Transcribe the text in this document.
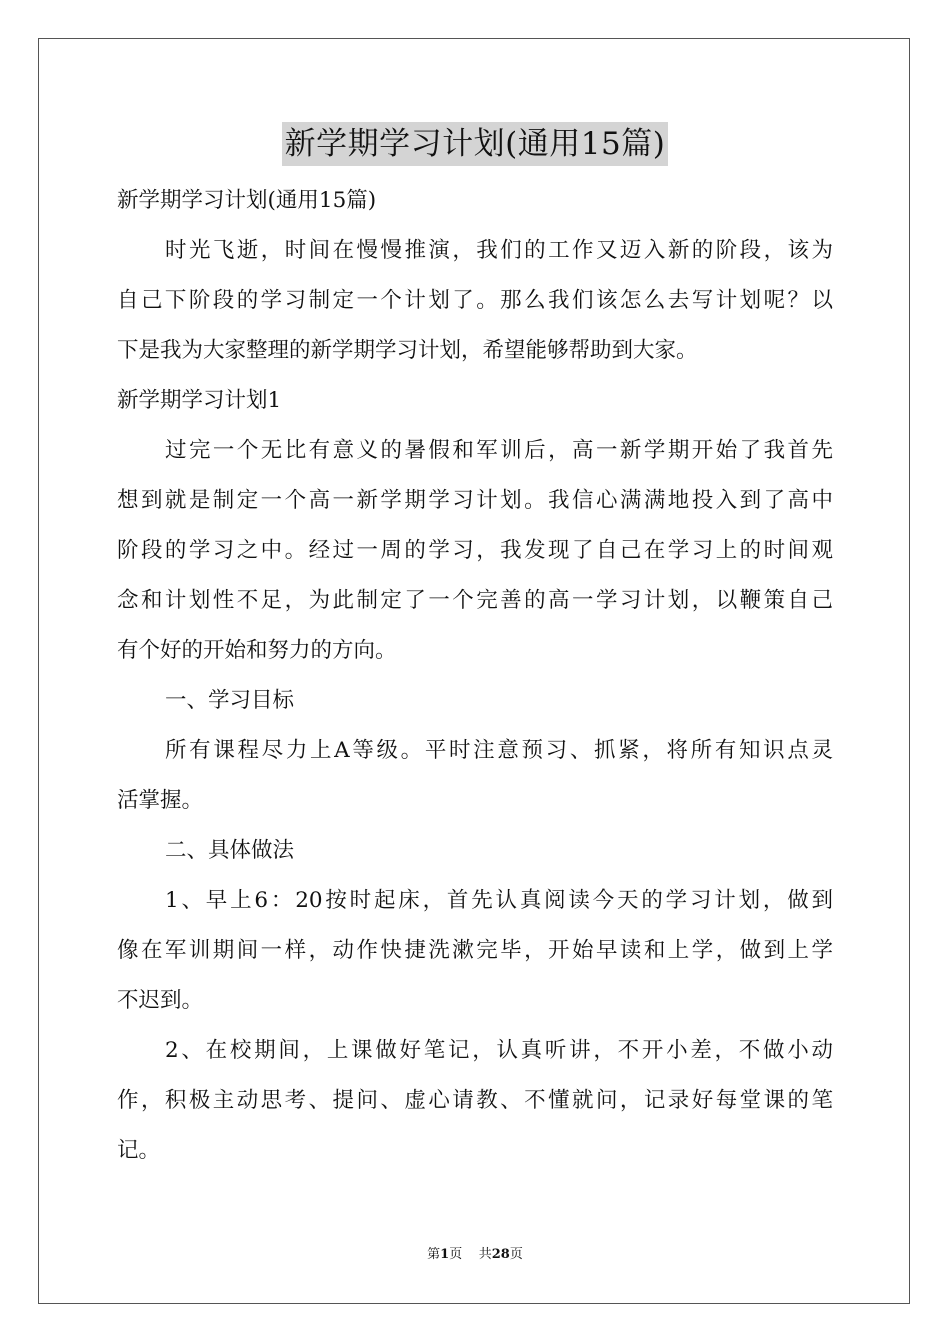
新学期学习计划(通用15篇)
新学期学习计划(通用15篇)
时光飞逝，时间在慢慢推演，我们的工作又迈入新的阶段，该为
自己下阶段的学习制定一个计划了。那么我们该怎么去写计划呢？以
下是我为大家整理的新学期学习计划，希望能够帮助到大家。
新学期学习计划1
过完一个无比有意义的暑假和军训后，高一新学期开始了我首先
想到就是制定一个高一新学期学习计划。我信心满满地投入到了高中
阶段的学习之中。经过一周的学习，我发现了自己在学习上的时间观
念和计划性不足，为此制定了一个完善的高一学习计划，以鞭策自己
有个好的开始和努力的方向。
一、学习目标
所有课程尽力上A等级。平时注意预习、抓紧，将所有知识点灵
活掌握。
二、具体做法
1、早上6：20按时起床，首先认真阅读今天的学习计划，做到
像在军训期间一样，动作快捷洗漱完毕，开始早读和上学，做到上学
不迟到。
2、在校期间，上课做好笔记，认真听讲，不开小差，不做小动
作，积极主动思考、提问、虚心请教、不懂就问，记录好每堂课的笔
记。
第1页 共28页
